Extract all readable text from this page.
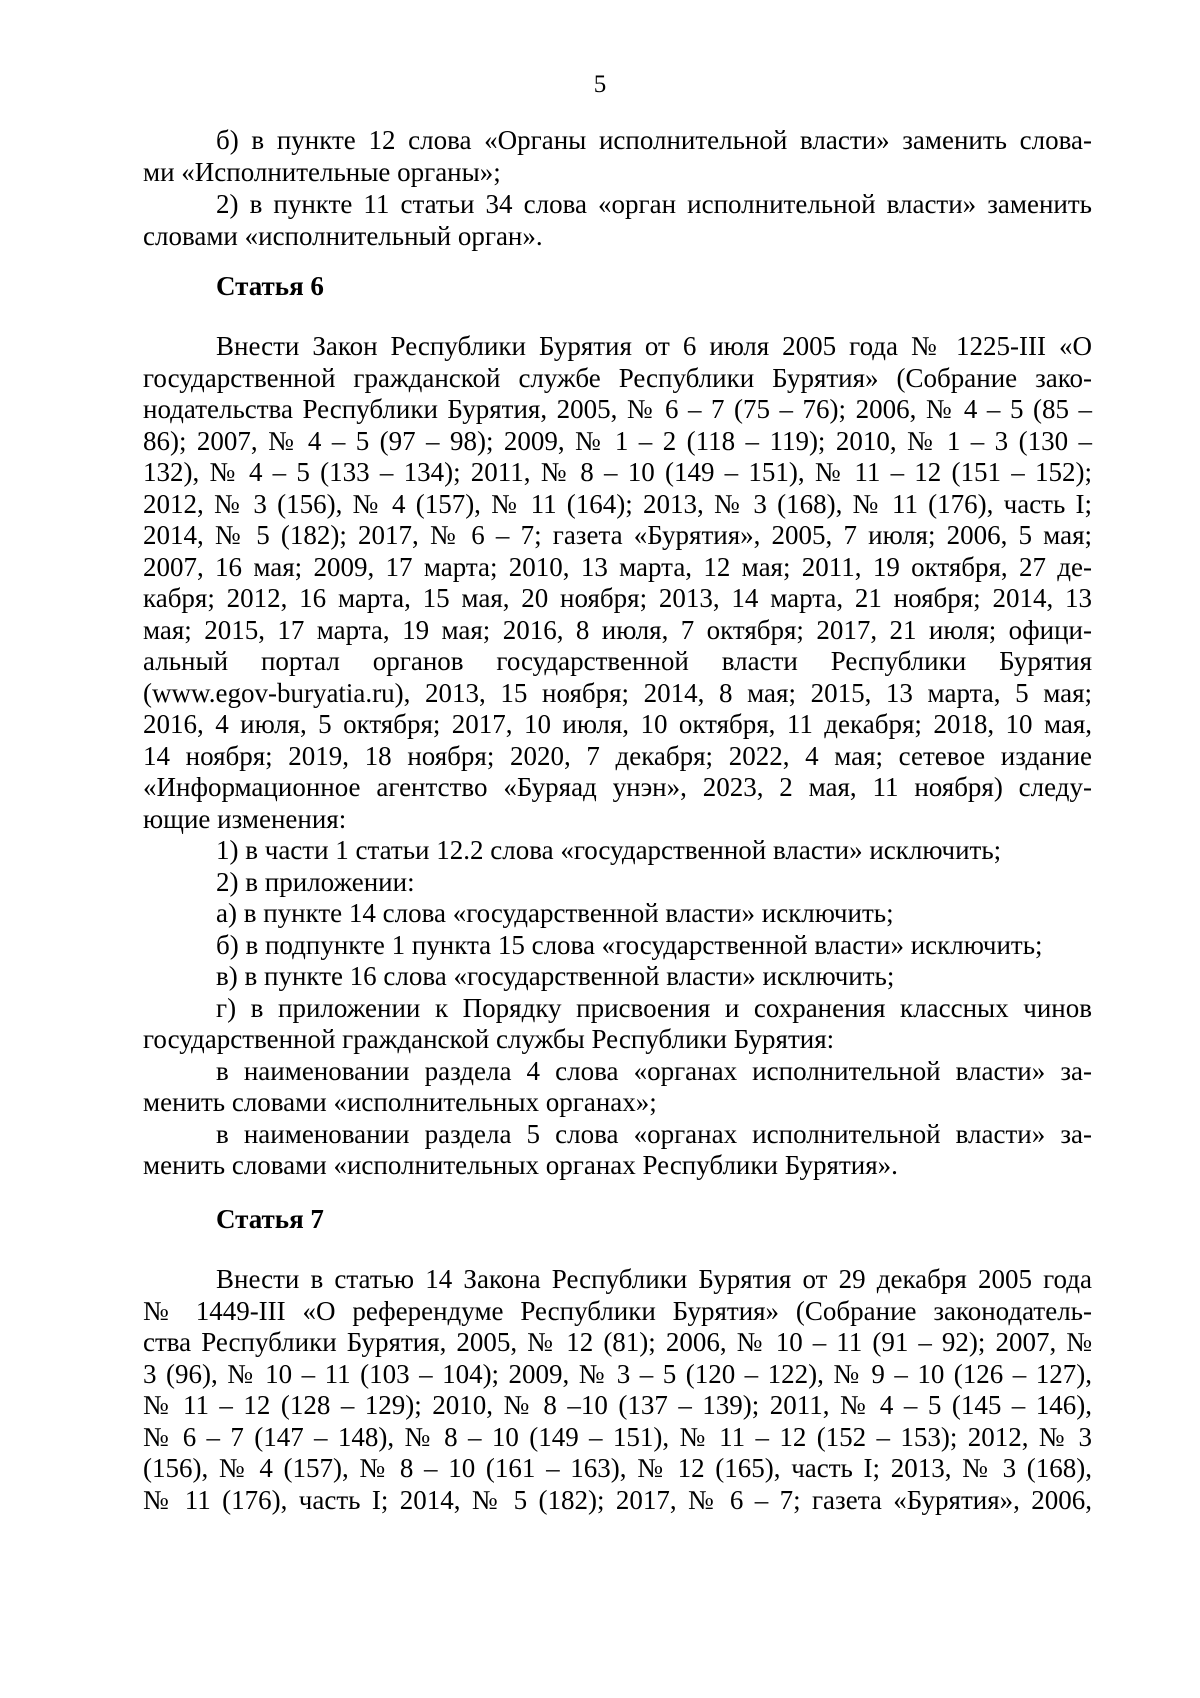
5
б) в пункте 12 слова «Органы исполнительной власти» заменить слова-
ми «Исполнительные органы»;
2) в пункте 11 статьи 34 слова «орган исполнительной власти» заменить
словами «исполнительный орган».
Статья 6
Внести Закон Республики Бурятия от 6 июля 2005 года № 1225-III «О
государственной гражданской службе Республики Бурятия» (Собрание зако-
нодательства Республики Бурятия, 2005, № 6 – 7 (75 – 76); 2006, № 4 – 5 (85 –
86); 2007, № 4 – 5 (97 – 98); 2009, № 1 – 2 (118 – 119); 2010, № 1 – 3 (130 –
132), № 4 – 5 (133 – 134); 2011, № 8 – 10 (149 – 151), № 11 – 12 (151 – 152);
2012, № 3 (156), № 4 (157), № 11 (164); 2013, № 3 (168), № 11 (176), часть I;
2014, № 5 (182); 2017, № 6 – 7; газета «Бурятия», 2005, 7 июля; 2006, 5 мая;
2007, 16 мая; 2009, 17 марта; 2010, 13 марта, 12 мая; 2011, 19 октября, 27 де-
кабря; 2012, 16 марта, 15 мая, 20 ноября; 2013, 14 марта, 21 ноября; 2014, 13
мая; 2015, 17 марта, 19 мая; 2016, 8 июля, 7 октября; 2017, 21 июля; офици-
альный портал органов государственной власти Республики Бурятия
(www.egov-buryatia.ru), 2013, 15 ноября; 2014, 8 мая; 2015, 13 марта, 5 мая;
2016, 4 июля, 5 октября; 2017, 10 июля, 10 октября, 11 декабря; 2018, 10 мая,
14 ноября; 2019, 18 ноября; 2020, 7 декабря; 2022, 4 мая; сетевое издание
«Информационное агентство «Буряад унэн», 2023, 2 мая, 11 ноября) следу-
ющие изменения:
1) в части 1 статьи 12.2 слова «государственной власти» исключить;
2) в приложении:
а) в пункте 14 слова «государственной власти» исключить;
б) в подпункте 1 пункта 15 слова «государственной власти» исключить;
в) в пункте 16 слова «государственной власти» исключить;
г) в приложении к Порядку присвоения и сохранения классных чинов
государственной гражданской службы Республики Бурятия:
в наименовании раздела 4 слова «органах исполнительной власти» за-
менить словами «исполнительных органах»;
в наименовании раздела 5 слова «органах исполнительной власти» за-
менить словами «исполнительных органах Республики Бурятия».
Статья 7
Внести в статью 14 Закона Республики Бурятия от 29 декабря 2005 года
№ 1449-III «О референдуме Республики Бурятия» (Собрание законодатель-
ства Республики Бурятия, 2005, № 12 (81); 2006, № 10 – 11 (91 – 92); 2007, №
3 (96), № 10 – 11 (103 – 104); 2009, № 3 – 5 (120 – 122), № 9 – 10 (126 – 127),
№ 11 – 12 (128 – 129); 2010, № 8 –10 (137 – 139); 2011, № 4 – 5 (145 – 146),
№ 6 – 7 (147 – 148), № 8 – 10 (149 – 151), № 11 – 12 (152 – 153); 2012, № 3
(156), № 4 (157), № 8 – 10 (161 – 163), № 12 (165), часть I; 2013, № 3 (168),
№ 11 (176), часть I; 2014, № 5 (182); 2017, № 6 – 7; газета «Бурятия», 2006,
